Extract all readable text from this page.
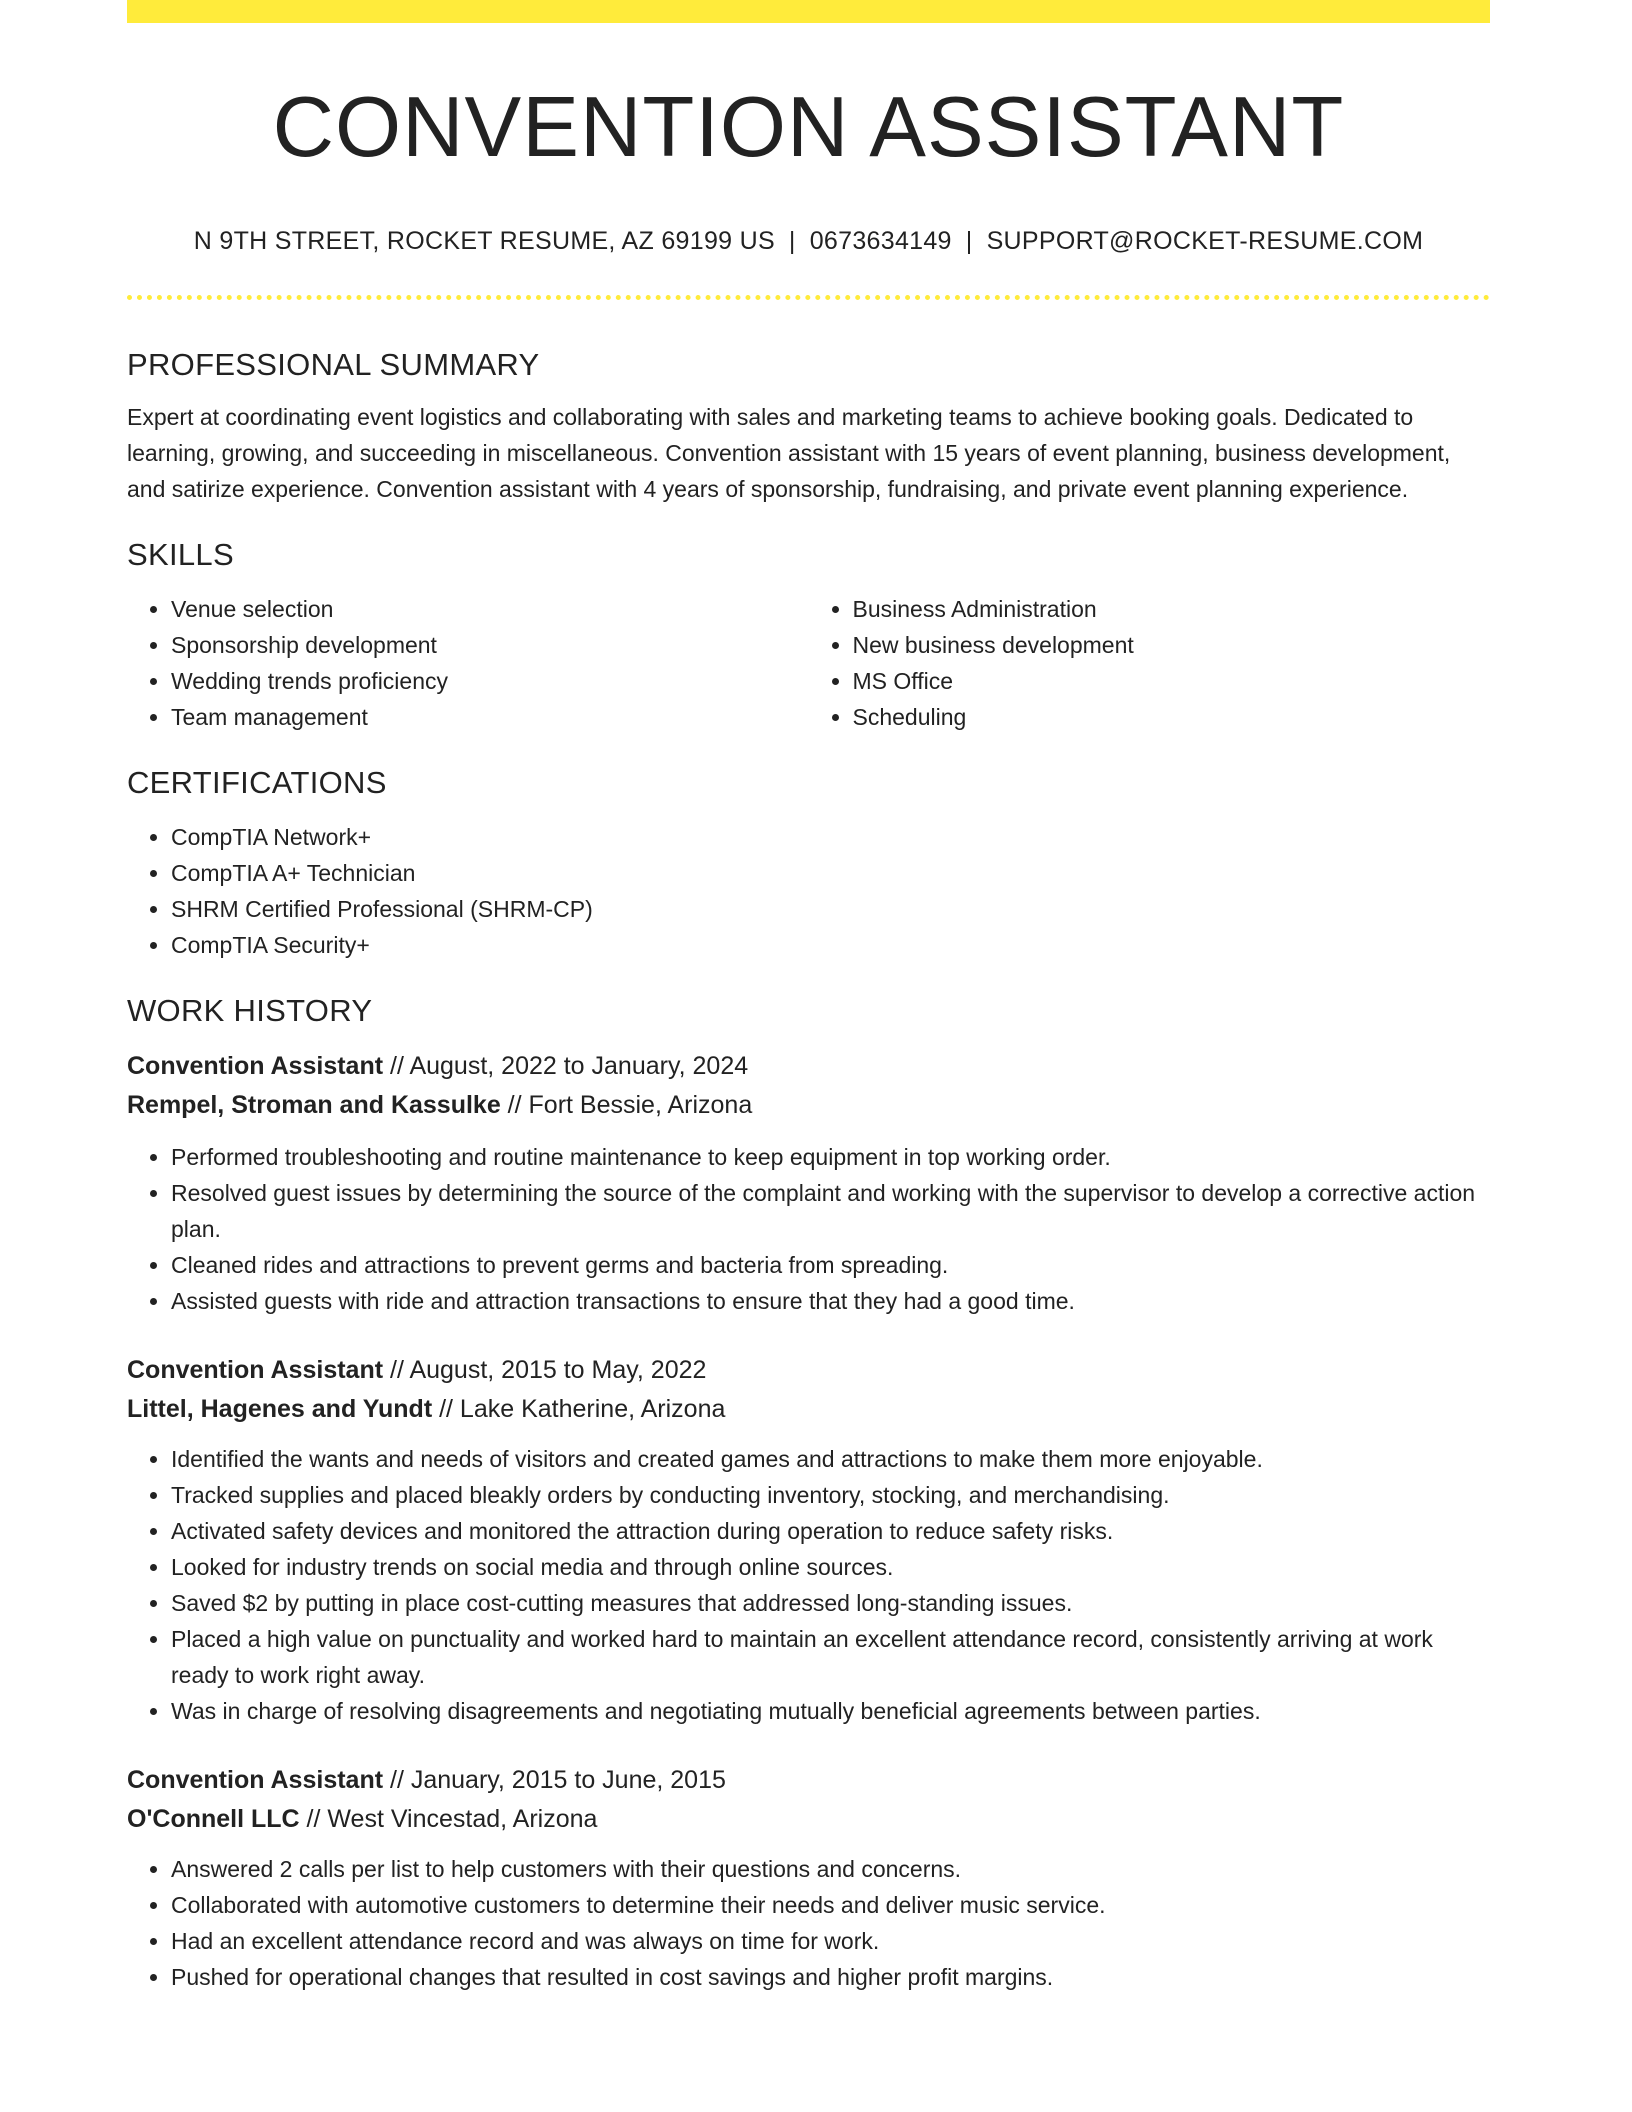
CONVENTION ASSISTANT
N 9TH STREET, ROCKET RESUME, AZ 69199 US | 0673634149 | SUPPORT@ROCKET-RESUME.COM
PROFESSIONAL SUMMARY

Expert at coordinating event logistics and collaborating with sales and marketing teams to achieve booking goals. Dedicated to learning, growing, and succeeding in miscellaneous. Convention assistant with 15 years of event planning, business development, and satirize experience. Convention assistant with 4 years of sponsorship, fundraising, and private event planning experience.

SKILLS
• Venue selection
• Sponsorship development
• Wedding trends proficiency
• Team management
• Business Administration
• New business development
• MS Office
• Scheduling
CERTIFICATIONS
• CompTIA Network+
• CompTIA A+ Technician
• SHRM Certified Professional (SHRM-CP)
• CompTIA Security+
WORK HISTORY
Convention Assistant // August, 2022 to January, 2024
Rempel, Stroman and Kassulke // Fort Bessie, Arizona
• Performed troubleshooting and routine maintenance to keep equipment in top working order.
• Resolved guest issues by determining the source of the complaint and working with the supervisor to develop a corrective action plan.
• Cleaned rides and attractions to prevent germs and bacteria from spreading.
• Assisted guests with ride and attraction transactions to ensure that they had a good time.
Convention Assistant // August, 2015 to May, 2022
Littel, Hagenes and Yundt // Lake Katherine, Arizona
• Identified the wants and needs of visitors and created games and attractions to make them more enjoyable.
• Tracked supplies and placed bleakly orders by conducting inventory, stocking, and merchandising.
• Activated safety devices and monitored the attraction during operation to reduce safety risks.
• Looked for industry trends on social media and through online sources.
• Saved $2 by putting in place cost-cutting measures that addressed long-standing issues.
• Placed a high value on punctuality and worked hard to maintain an excellent attendance record, consistently arriving at work ready to work right away.
• Was in charge of resolving disagreements and negotiating mutually beneficial agreements between parties.
Convention Assistant // January, 2015 to June, 2015
O'Connell LLC // West Vincestad, Arizona
• Answered 2 calls per list to help customers with their questions and concerns.
• Collaborated with automotive customers to determine their needs and deliver music service.
• Had an excellent attendance record and was always on time for work.
• Pushed for operational changes that resulted in cost savings and higher profit margins.
